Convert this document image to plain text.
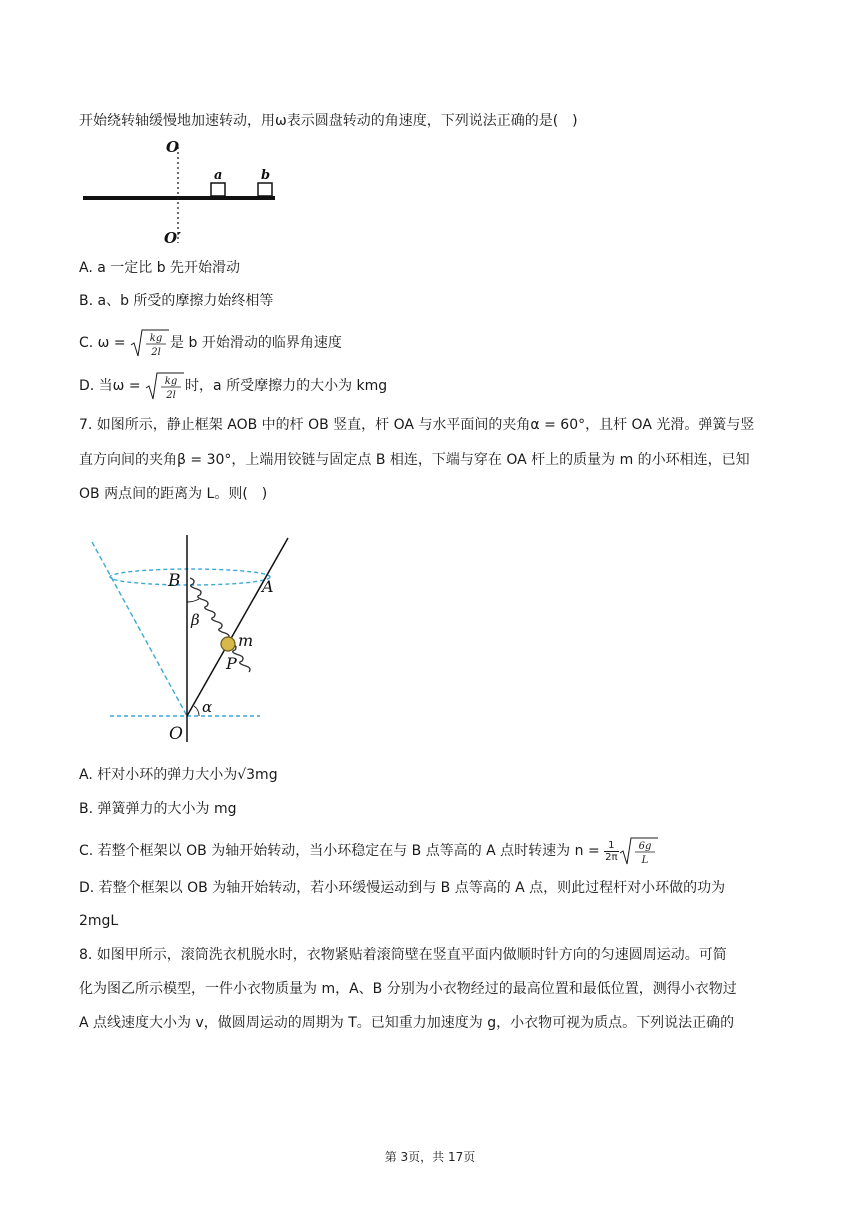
开始绕转轴缓慢地加速转动，用ω表示圆盘转动的角速度，下列说法正确的是(　)
O
O′
a	b
A. a 一定比 b 先开始滑动
B. a、b 所受的摩擦力始终相等
C. ω = kg
2l
是 b 开始滑动的临界角速度
D. 当ω = kg
2l
时，a 所受摩擦力的大小为 kmg
7. 如图所示，静止框架 AOB 中的杆 OB 竖直，杆 OA 与水平面间的夹角α = 60°，且杆 OA 光滑。弹簧与竖
直方向间的夹角β = 30°，上端用铰链与固定点 B 相连，下端与穿在 OA 杆上的质量为 m 的小环相连，已知
OB 两点间的距离为 L。则(　)
B	A
β
m
P
α
O
A. 杆对小环的弹力大小为√3mg
B. 弹簧弹力的大小为 mg
C. 若整个框架以 OB 为轴开始转动，当小环稳定在与 B 点等高的 A 点时转速为 $n = \frac{1}{2\pi} 6g$
L
D. 若整个框架以 OB 为轴开始转动，若小环缓慢运动到与 B 点等高的 A 点，则此过程杆对小环做的功为
2mgL
8. 如图甲所示，滚筒洗衣机脱水时，衣物紧贴着滚筒壁在竖直平面内做顺时针方向的匀速圆周运动。可简
化为图乙所示模型，一件小衣物质量为 m，A、B 分别为小衣物经过的最高位置和最低位置，测得小衣物过
A 点线速度大小为 v，做圆周运动的周期为 T。已知重力加速度为 g，小衣物可视为质点。下列说法正确的
第 3页，共 17页
